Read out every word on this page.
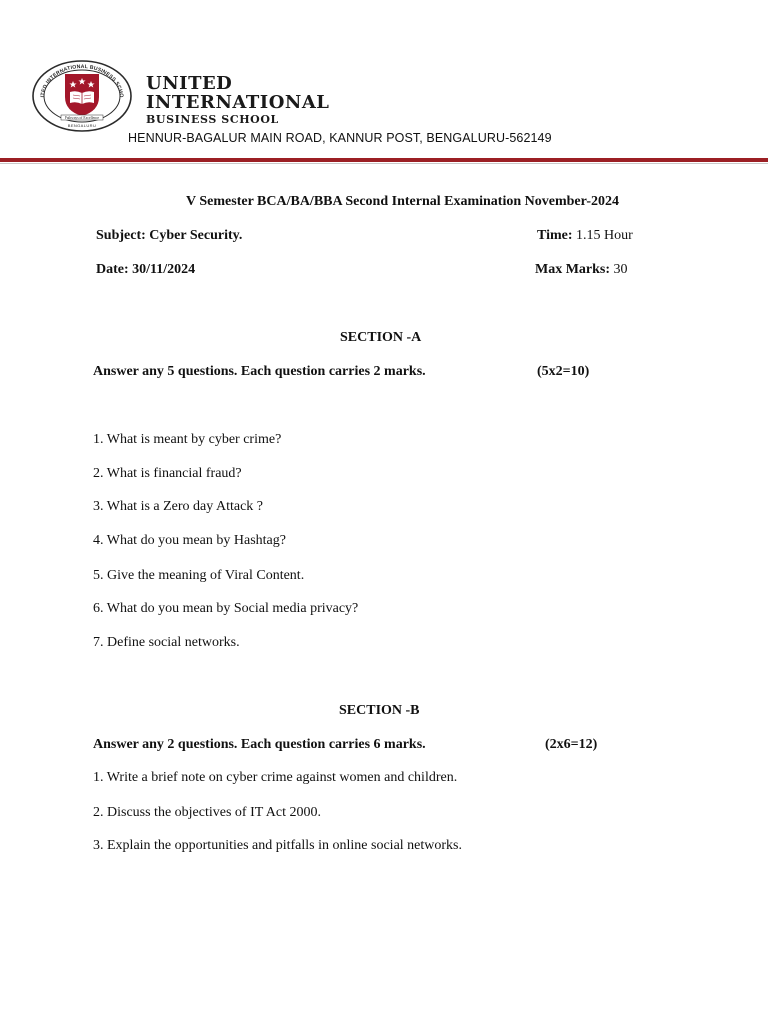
ITED INTERNATIONAL BUSINESS SCHO
Pathways of Excellence
BENGALURU
UNITED
INTERNATIONAL
BUSINESS SCHOOL
HENNUR-BAGALUR MAIN ROAD, KANNUR POST, BENGALURU-562149
V Semester BCA/BA/BBA Second Internal Examination November-2024
Subject: Cyber Security.	Time: 1.15 Hour
Date: 30/11/2024	Max Marks: 30
SECTION -A
Answer any 5 questions. Each question carries 2 marks.	(5x2=10)
1. What is meant by cyber crime?
2. What is financial fraud?
3. What is a Zero day Attack ?
4. What do you mean by Hashtag?
5. Give the meaning of Viral Content.
6. What do you mean by Social media privacy?
7. Define social networks.
SECTION -B
Answer any 2 questions. Each question carries 6 marks.	(2x6=12)
1. Write a brief note on cyber crime against women and children.
2. Discuss the objectives of IT Act 2000.
3. Explain the opportunities and pitfalls in online social networks.
